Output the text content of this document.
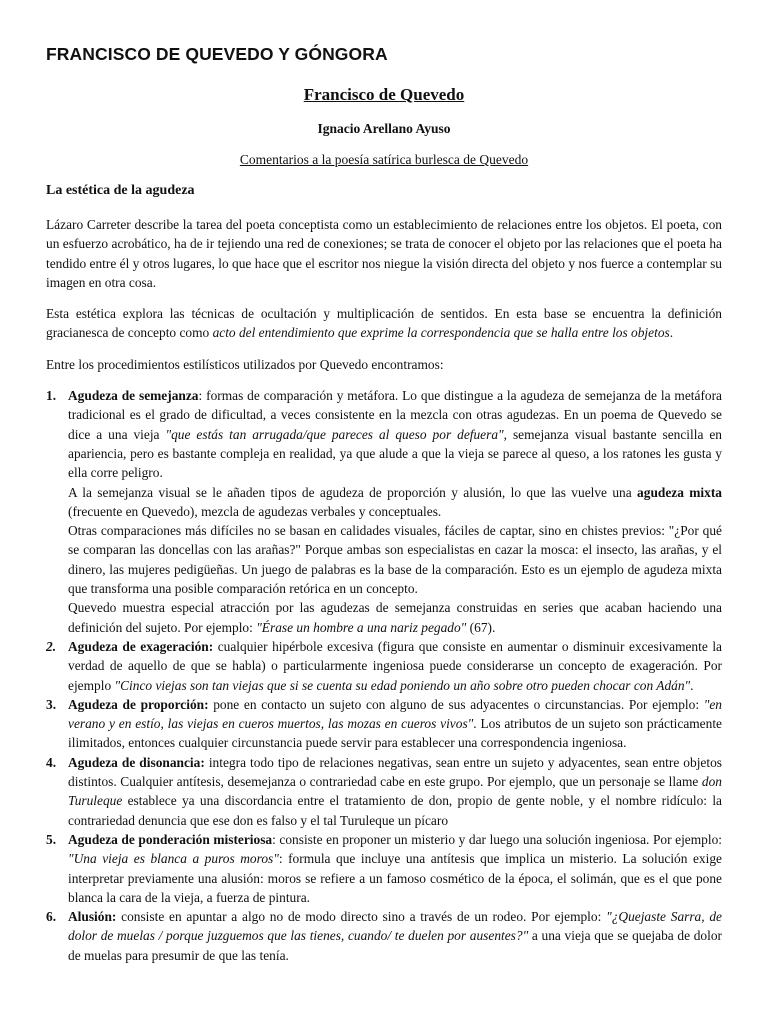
FRANCISCO DE QUEVEDO Y GÓNGORA
Francisco de Quevedo
Ignacio Arellano Ayuso
Comentarios a la poesía satírica burlesca de Quevedo
La estética de la agudeza

Lázaro Carreter describe la tarea del poeta conceptista como un establecimiento de relaciones entre los objetos. El poeta, con un esfuerzo acrobático, ha de ir tejiendo una red de conexiones; se trata de conocer el objeto por las relaciones que el poeta ha tendido entre él y otros lugares, lo que hace que el escritor nos niegue la visión directa del objeto y nos fuerce a contemplar su imagen en otra cosa.

Esta estética explora las técnicas de ocultación y multiplicación de sentidos. En esta base se encuentra la definición gracianesca de concepto como acto del entendimiento que exprime la correspondencia que se halla entre los objetos.

Entre los procedimientos estilísticos utilizados por Quevedo encontramos:

1. Agudeza de semejanza: formas de comparación y metáfora. Lo que distingue a la agudeza de semejanza de la metáfora tradicional es el grado de dificultad, a veces consistente en la mezcla con otras agudezas. En un poema de Quevedo se dice a una vieja "que estás tan arrugada/que pareces al queso por defuera", semejanza visual bastante sencilla en apariencia, pero es bastante compleja en realidad, ya que alude a que la vieja se parece al queso, a los ratones les gusta y ella corre peligro.
A la semejanza visual se le añaden tipos de agudeza de proporción y alusión, lo que las vuelve una agudeza mixta (frecuente en Quevedo), mezcla de agudezas verbales y conceptuales.
Otras comparaciones más difíciles no se basan en calidades visuales, fáciles de captar, sino en chistes previos: "¿Por qué se comparan las doncellas con las arañas?" Porque ambas son especialistas en cazar la mosca: el insecto, las arañas, y el dinero, las mujeres pedigüeñas. Un juego de palabras es la base de la comparación. Esto es un ejemplo de agudeza mixta que transforma una posible comparación retórica en un concepto.
Quevedo muestra especial atracción por las agudezas de semejanza construidas en series que acaban haciendo una definición del sujeto. Por ejemplo: "Érase un hombre a una nariz pegado" (67).
2. Agudeza de exageración: cualquier hipérbole excesiva (figura que consiste en aumentar o disminuir excesivamente la verdad de aquello de que se habla) o particularmente ingeniosa puede considerarse un concepto de exageración. Por ejemplo "Cinco viejas son tan viejas que si se cuenta su edad poniendo un año sobre otro pueden chocar con Adán".
3. Agudeza de proporción: pone en contacto un sujeto con alguno de sus adyacentes o circunstancias. Por ejemplo: "en verano y en estío, las viejas en cueros muertos, las mozas en cueros vivos". Los atributos de un sujeto son prácticamente ilimitados, entonces cualquier circunstancia puede servir para establecer una correspondencia ingeniosa.
4. Agudeza de disonancia: integra todo tipo de relaciones negativas, sean entre un sujeto y adyacentes, sean entre objetos distintos. Cualquier antítesis, desemejanza o contrariedad cabe en este grupo. Por ejemplo, que un personaje se llame don Turuleque establece ya una discordancia entre el tratamiento de don, propio de gente noble, y el nombre ridículo: la contrariedad denuncia que ese don es falso y el tal Turuleque un pícaro
5. Agudeza de ponderación misteriosa: consiste en proponer un misterio y dar luego una solución ingeniosa. Por ejemplo: "Una vieja es blanca a puros moros": formula que incluye una antítesis que implica un misterio. La solución exige interpretar previamente una alusión: moros se refiere a un famoso cosmético de la época, el solimán, que es el que pone blanca la cara de la vieja, a fuerza de pintura.
6. Alusión: consiste en apuntar a algo no de modo directo sino a través de un rodeo. Por ejemplo: "¿Quejaste Sarra, de dolor de muelas / porque juzguemos que las tienes, cuando/ te duelen por ausentes?" a una vieja que se quejaba de dolor de muelas para presumir de que las tenía.
